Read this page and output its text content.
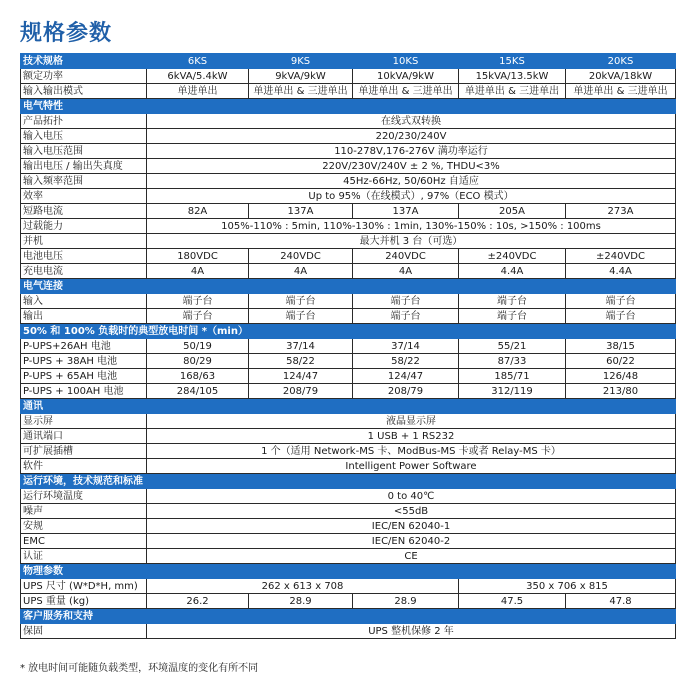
规格参数
技术规格	6KS	9KS	10KS	15KS	20KS
额定功率	6kVA/5.4kW	9kVA/9kW	10kVA/9kW	15kVA/13.5kW	20kVA/18kW
输入输出模式	单进单出	单进单出 & 三进单出	单进单出 & 三进单出	单进单出 & 三进单出	单进单出 & 三进单出
电气特性					
产品拓扑	在线式双转换				
输入电压	220/230/240V				
输入电压范围	110-278V,176-276V 满功率运行				
输出电压 / 输出失真度	220V/230V/240V ± 2 %, THDU<3%				
输入频率范围	45Hz-66Hz, 50/60Hz 自适应				
效率	Up to 95%（在线模式）, 97%（ECO 模式）				
短路电流	82A	137A	137A	205A	273A
过载能力	105%-110% : 5min, 110%-130% : 1min, 130%-150% : 10s, >150% : 100ms				
并机	最大并机 3 台（可选）				
电池电压	180VDC	240VDC	240VDC	±240VDC	±240VDC
充电电流	4A	4A	4A	4.4A	4.4A
电气连接					
输入	端子台	端子台	端子台	端子台	端子台
输出	端子台	端子台	端子台	端子台	端子台
50% 和 100% 负载时的典型放电时间 *（min）					
P-UPS+26AH 电池	50/19	37/14	37/14	55/21	38/15
P-UPS + 38AH 电池	80/29	58/22	58/22	87/33	60/22
P-UPS + 65AH 电池	168/63	124/47	124/47	185/71	126/48
P-UPS + 100AH 电池	284/105	208/79	208/79	312/119	213/80
通讯					
显示屏	液晶显示屏				
通讯端口	1 USB + 1 RS232				
可扩展插槽	1 个（适用 Network-MS 卡、ModBus-MS 卡或者 Relay-MS 卡）				
软件	Intelligent Power Software				
运行环境，技术规范和标准					
运行环境温度	0 to 40℃				
噪声	<55dB				
安规	IEC/EN 62040-1				
EMC	IEC/EN 62040-2				
认证	CE				
物理参数					
UPS 尺寸 (W*D*H, mm)	262 x 613 x 708			350 x 706 x 815	
UPS 重量 (kg)	26.2	28.9	28.9	47.5	47.8
客户服务和支持					
保固	UPS 整机保修 2 年				
* 放电时间可能随负载类型，环境温度的变化有所不同
